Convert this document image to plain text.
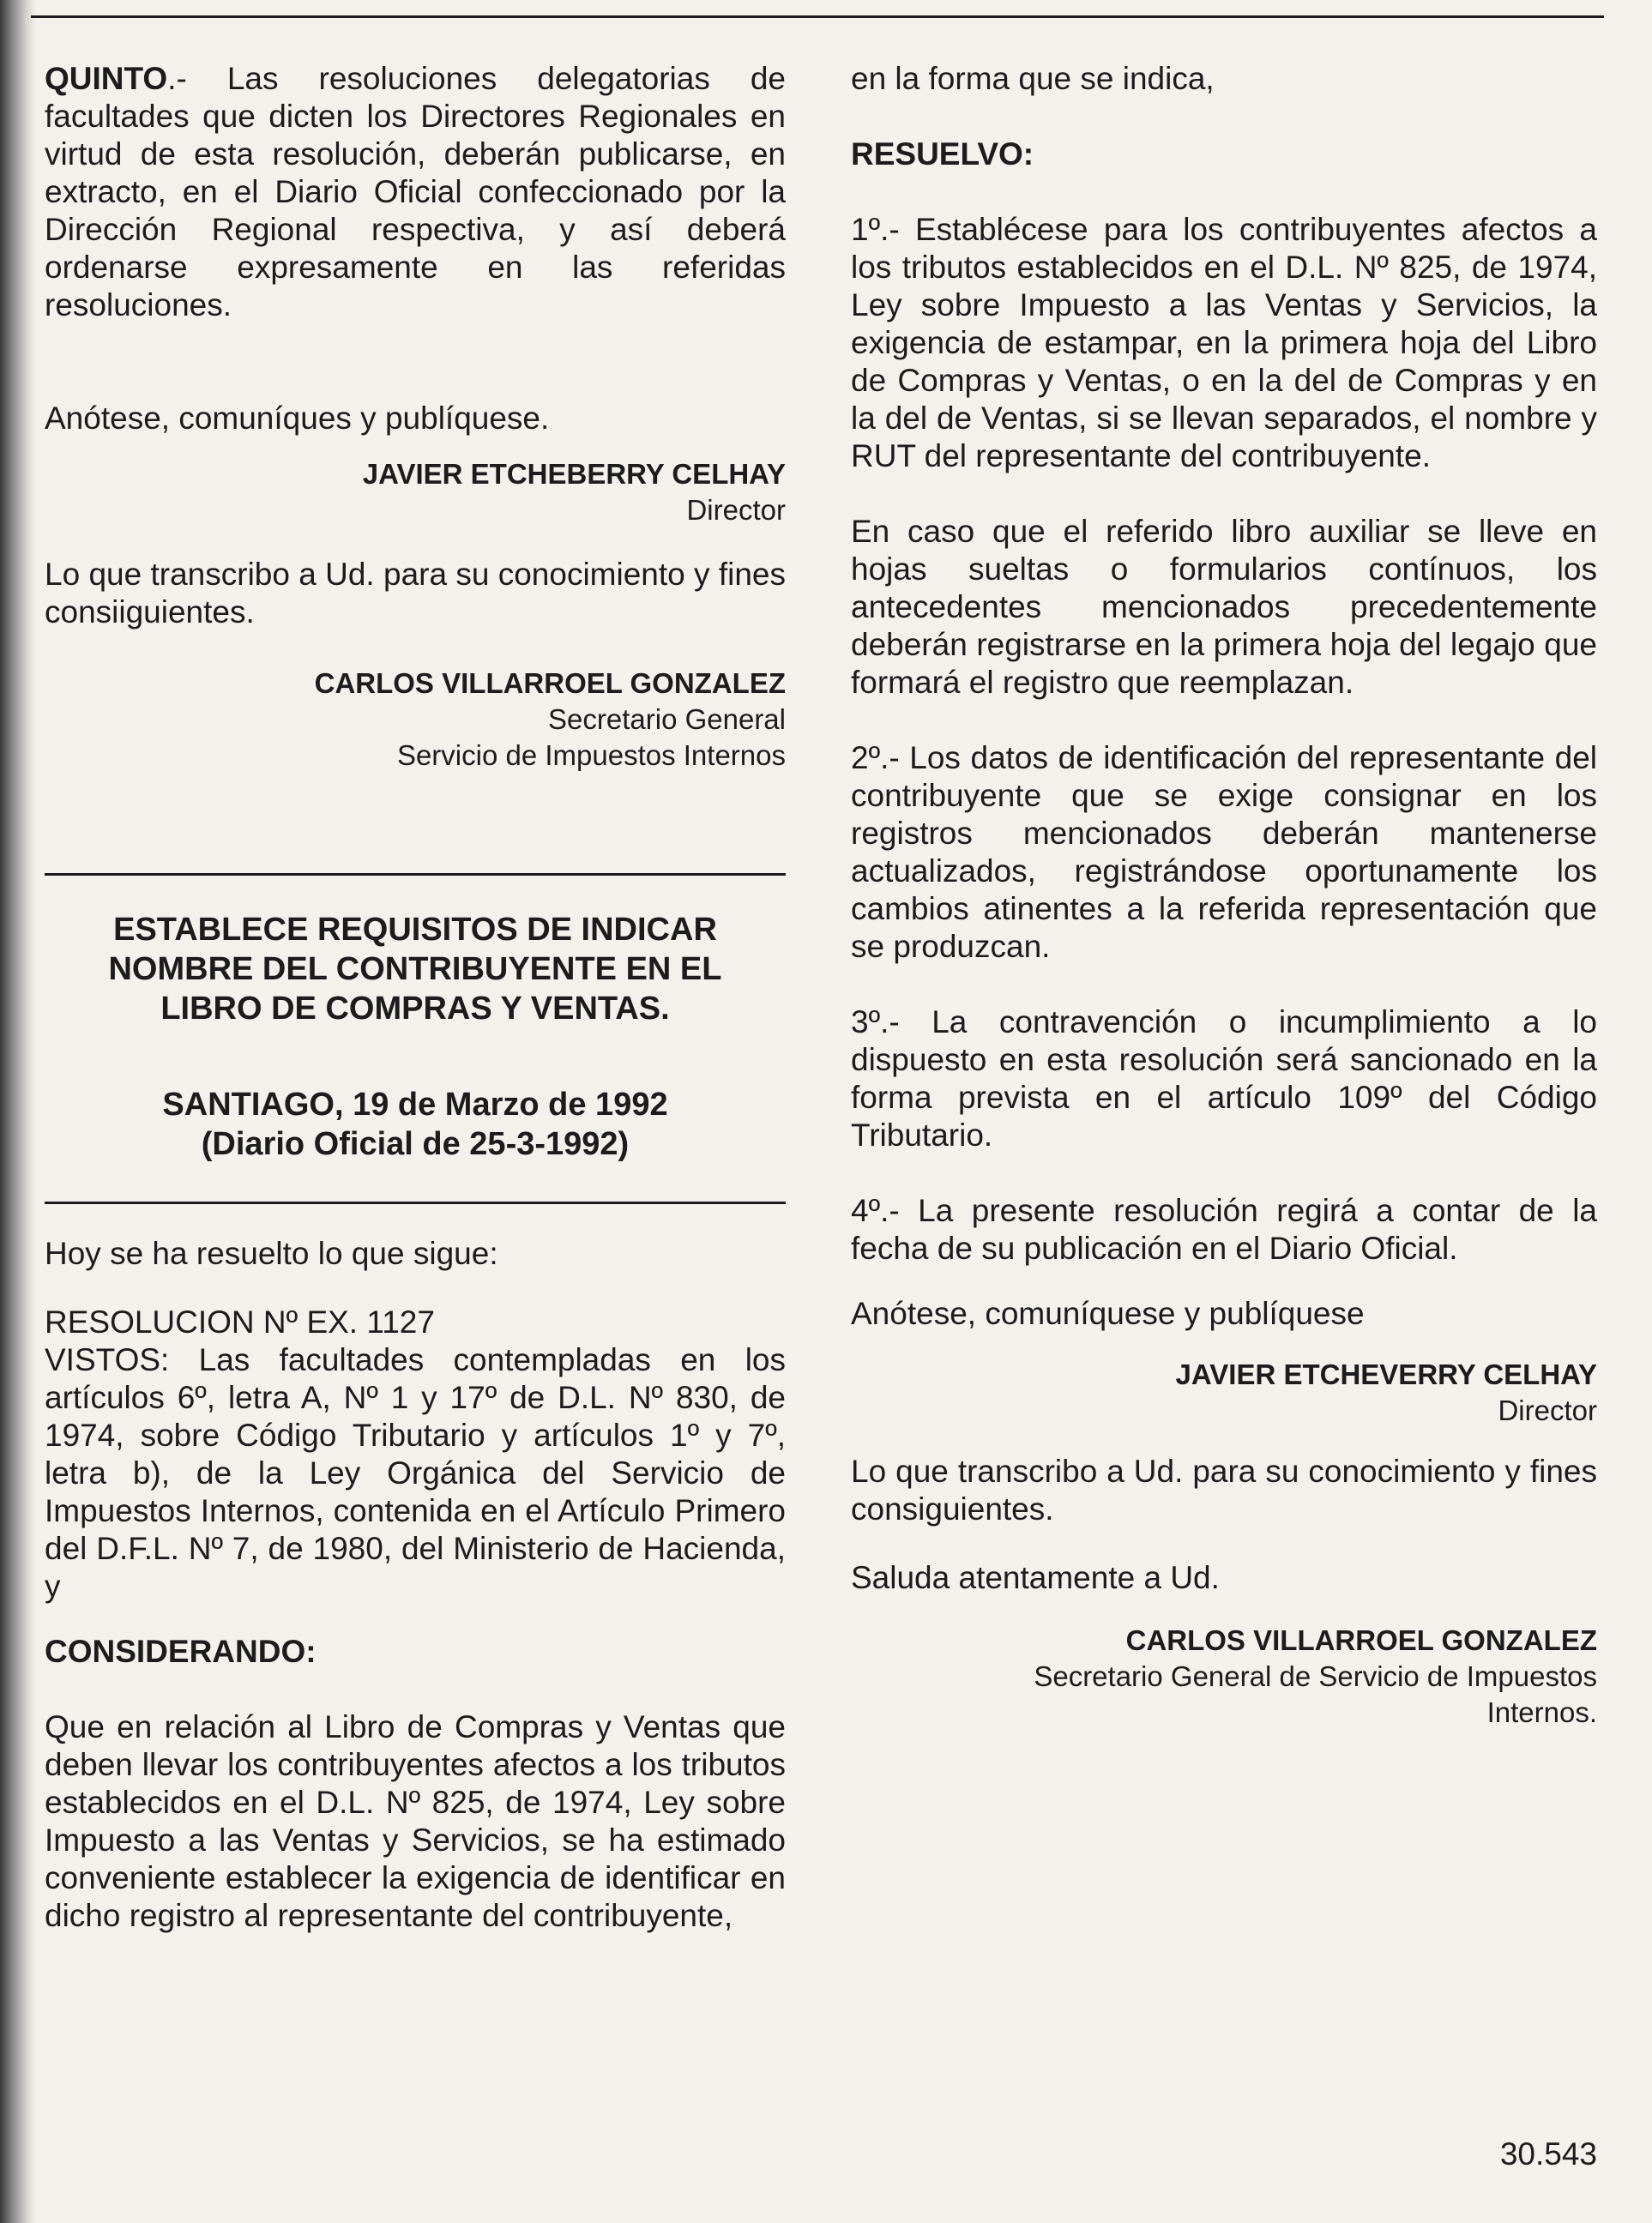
QUINTO.- Las resoluciones delegatorias de facultades que dicten los Directores Regionales en virtud de esta resolución, deberán publicarse, en extracto, en el Diario Oficial confeccionado por la Dirección Regional respectiva, y así deberá ordenarse expresamente en las referidas resoluciones.

Anótese, comuníques y publíquese.

JAVIER ETCHEBERRY CELHAY
Director

Lo que transcribo a Ud. para su conocimiento y fines consiiguientes.

CARLOS VILLARROEL GONZALEZ
Secretario General
Servicio de Impuestos Internos
ESTABLECE REQUISITOS DE INDICAR NOMBRE DEL CONTRIBUYENTE EN EL LIBRO DE COMPRAS Y VENTAS.
SANTIAGO, 19 de Marzo de 1992
(Diario Oficial de 25-3-1992)

Hoy se ha resuelto lo que sigue:

RESOLUCION Nº EX. 1127

VISTOS: Las facultades contempladas en los artículos 6º, letra A, Nº 1 y 17º de D.L. Nº 830, de 1974, sobre Código Tributario y artículos 1º y 7º, letra b), de la Ley Orgánica del Servicio de Impuestos Internos, contenida en el Artículo Primero del D.F.L. Nº 7, de 1980, del Ministerio de Hacienda, y

CONSIDERANDO:

Que en relación al Libro de Compras y Ventas que deben llevar los contribuyentes afectos a los tributos establecidos en el D.L. Nº 825, de 1974, Ley sobre Impuesto a las Ventas y Servicios, se ha estimado conveniente establecer la exigencia de identificar en dicho registro al representante del contribuyente,

en la forma que se indica,

RESUELVO:

1º.- Establécese para los contribuyentes afectos a los tributos establecidos en el D.L. Nº 825, de 1974, Ley sobre Impuesto a las Ventas y Servicios, la exigencia de estampar, en la primera hoja del Libro de Compras y Ventas, o en la del de Compras y en la del de Ventas, si se llevan separados, el nombre y RUT del representante del contribuyente.

En caso que el referido libro auxiliar se lleve en hojas sueltas o formularios contínuos, los antecedentes mencionados precedentemente deberán registrarse en la primera hoja del legajo que formará el registro que reemplazan.

2º.- Los datos de identificación del representante del contribuyente que se exige consignar en los registros mencionados deberán mantenerse actualizados, registrándose oportunamente los cambios atinentes a la referida representación que se produzcan.

3º.- La contravención o incumplimiento a lo dispuesto en esta resolución será sancionado en la forma prevista en el artículo 109º del Código Tributario.

4º.- La presente resolución regirá a contar de la fecha de su publicación en el Diario Oficial.

Anótese, comuníquese y publíquese

JAVIER ETCHEVERRY CELHAY
Director

Lo que transcribo a Ud. para su conocimiento y fines consiguientes.

Saluda atentamente a Ud.

CARLOS VILLARROEL GONZALEZ
Secretario General de Servicio de Impuestos
Internos.
30.543
